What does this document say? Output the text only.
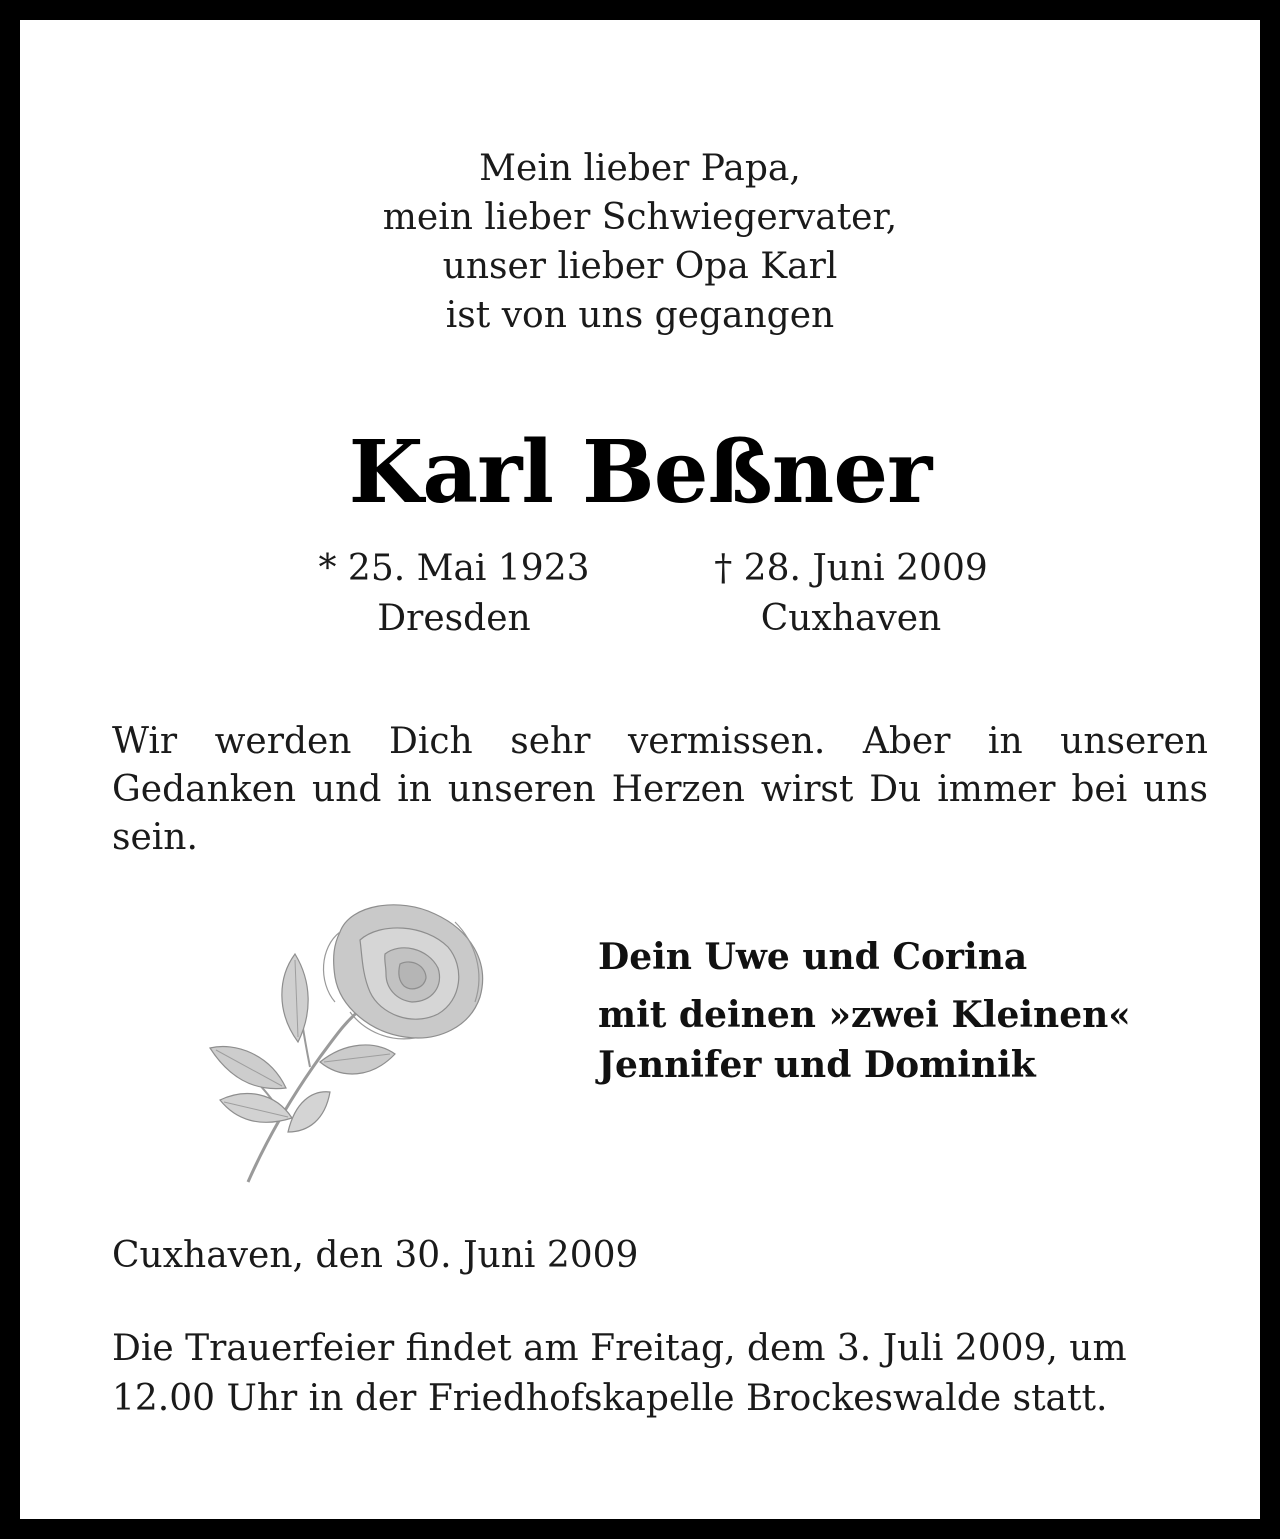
Mein lieber Papa,
mein lieber Schwiegervater,
unser lieber Opa Karl
ist von uns gegangen
Karl Beßner
* 25. Mai 1923
Dresden
† 28. Juni 2009
Cuxhaven
Wir werden Dich sehr vermissen. Aber in unseren Gedanken und in unseren Herzen wirst Du immer bei uns sein.
Dein Uwe und Corina
mit deinen »zwei Kleinen«
Jennifer und Dominik
Cuxhaven, den 30. Juni 2009
Die Trauerfeier findet am Freitag, dem 3. Juli 2009, um
12.00 Uhr in der Friedhofskapelle Brockeswalde statt.
